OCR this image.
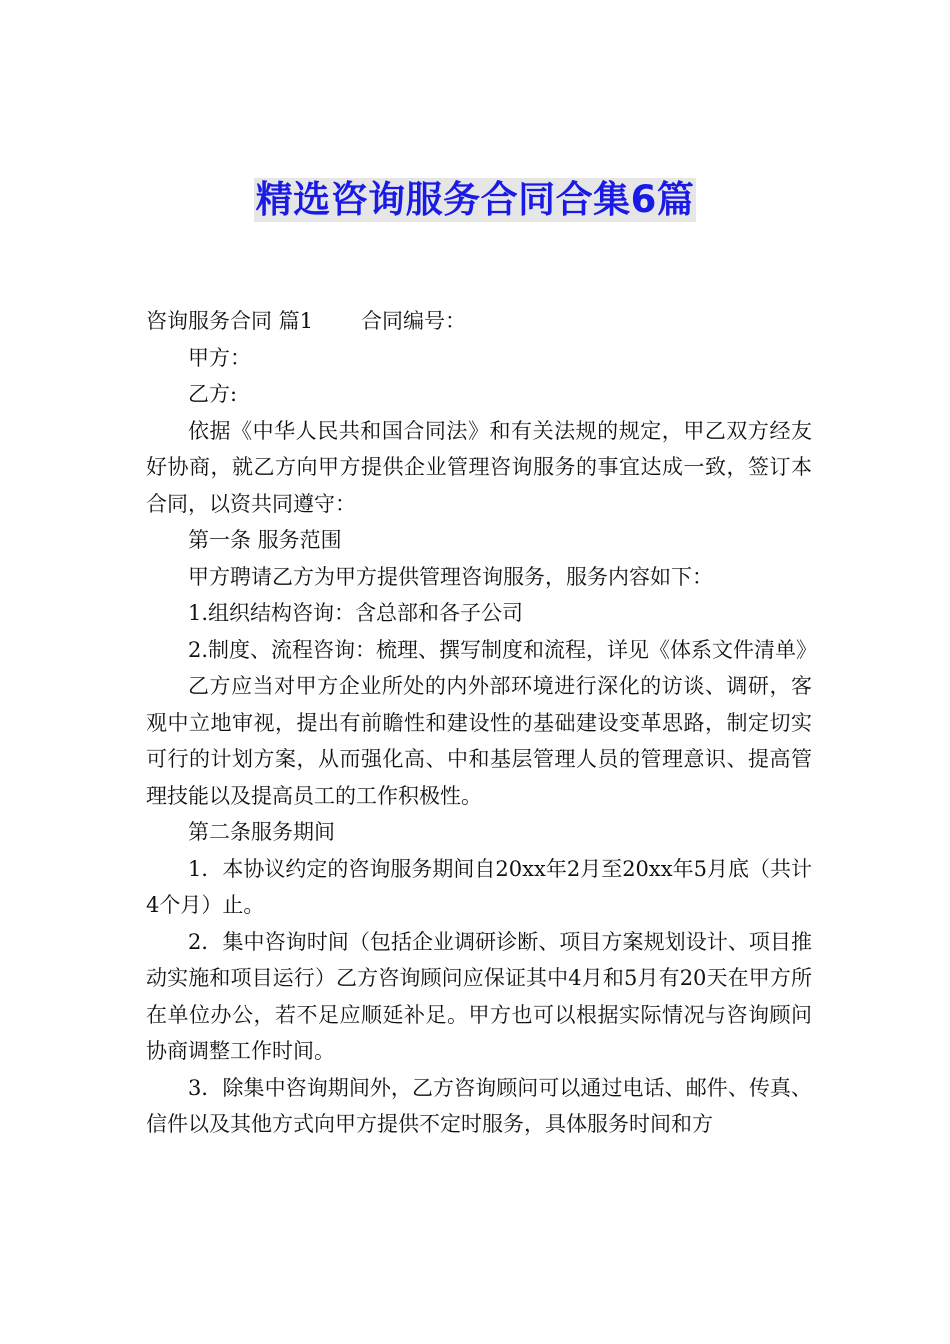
精选咨询服务合同合集6篇

咨询服务合同 篇1 合同编号：

甲方：

乙方:

依据《中华人民共和国合同法》和有关法规的规定，甲乙双方经友好协商，就乙方向甲方提供企业管理咨询服务的事宜达成一致，签订本合同，以资共同遵守：

第一条 服务范围

甲方聘请乙方为甲方提供管理咨询服务，服务内容如下：

1.组织结构咨询：含总部和各子公司

2.制度、流程咨询：梳理、撰写制度和流程，详见《体系文件清单》

乙方应当对甲方企业所处的内外部环境进行深化的访谈、调研，客观中立地审视，提出有前瞻性和建设性的基础建设变革思路，制定切实可行的计划方案，从而强化高、中和基层管理人员的管理意识、提高管理技能以及提高员工的工作积极性。

第二条服务期间

1．本协议约定的咨询服务期间自20xx年2月至20xx年5月底（共计4个月）止。

2．集中咨询时间（包括企业调研诊断、项目方案规划设计、项目推动实施和项目运行）乙方咨询顾问应保证其中4月和5月有20天在甲方所在单位办公，若不足应顺延补足。甲方也可以根据实际情况与咨询顾问协商调整工作时间。

3．除集中咨询期间外，乙方咨询顾问可以通过电话、邮件、传真、信件以及其他方式向甲方提供不定时服务，具体服务时间和方
